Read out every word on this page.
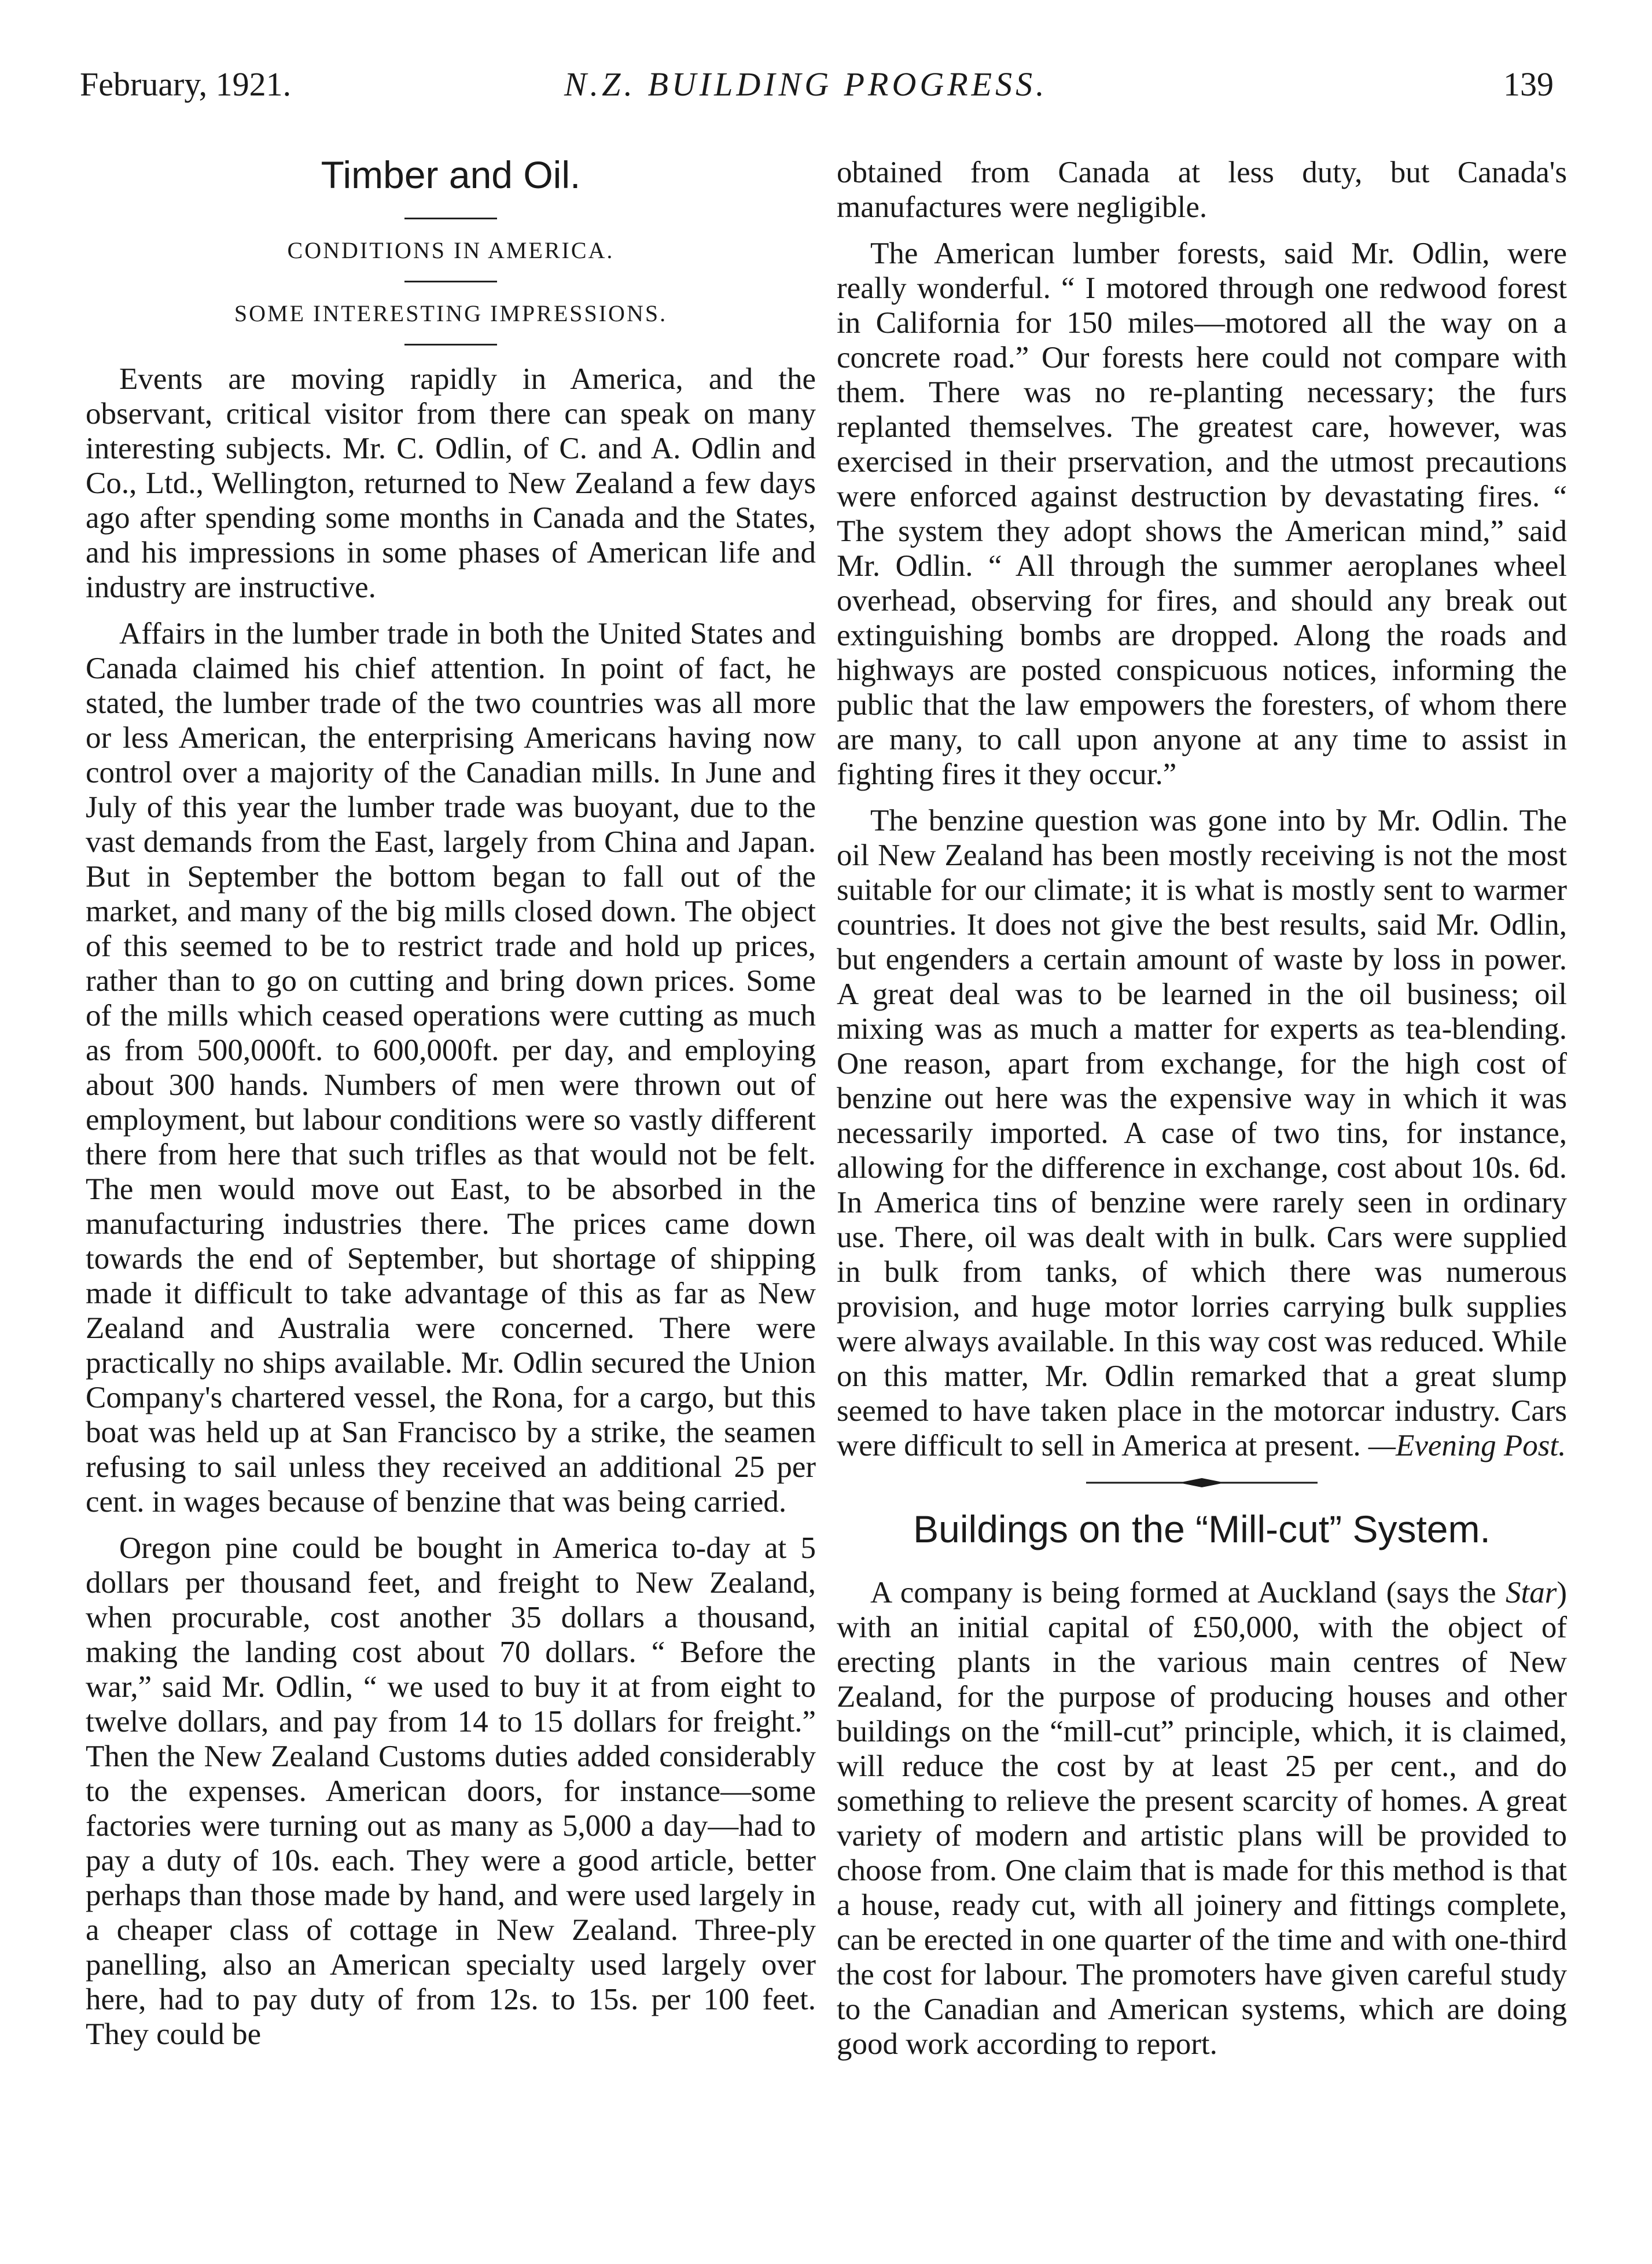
February, 1921.	N.Z. BUILDING PROGRESS.	139
Timber and Oil.
CONDITIONS IN AMERICA.
SOME INTERESTING IMPRESSIONS.

Events are moving rapidly in America, and the observant, critical visitor from there can speak on many interesting subjects. Mr. C. Odlin, of C. and A. Odlin and Co., Ltd., Wellington, returned to New Zealand a few days ago after spending some months in Canada and the States, and his impressions in some phases of American life and industry are instructive.

Affairs in the lumber trade in both the United States and Canada claimed his chief attention. In point of fact, he stated, the lumber trade of the two countries was all more or less American, the enterprising Americans having now control over a majority of the Canadian mills. In June and July of this year the lumber trade was buoyant, due to the vast demands from the East, largely from China and Japan. But in September the bottom began to fall out of the market, and many of the big mills closed down. The object of this seemed to be to restrict trade and hold up prices, rather than to go on cutting and bring down prices. Some of the mills which ceased operations were cutting as much as from 500,000ft. to 600,000ft. per day, and employing about 300 hands. Numbers of men were thrown out of employment, but labour conditions were so vastly different there from here that such trifles as that would not be felt. The men would move out East, to be absorbed in the manufacturing industries there. The prices came down towards the end of September, but shortage of shipping made it difficult to take advantage of this as far as New Zealand and Australia were concerned. There were practically no ships available. Mr. Odlin secured the Union Company's chartered vessel, the Rona, for a cargo, but this boat was held up at San Francisco by a strike, the seamen refusing to sail unless they received an additional 25 per cent. in wages because of benzine that was being carried.

Oregon pine could be bought in America to-day at 5 dollars per thousand feet, and freight to New Zealand, when procurable, cost another 35 dollars a thousand, making the landing cost about 70 dollars. “ Before the war,” said Mr. Odlin, “ we used to buy it at from eight to twelve dollars, and pay from 14 to 15 dollars for freight.” Then the New Zealand Customs duties added considerably to the expenses. American doors, for instance—some factories were turning out as many as 5,000 a day—had to pay a duty of 10s. each. They were a good article, better perhaps than those made by hand, and were used largely in a cheaper class of cottage in New Zealand. Three-ply panelling, also an American specialty used largely over here, had to pay duty of from 12s. to 15s. per 100 feet. They could be

obtained from Canada at less duty, but Canada's manufactures were negligible.

The American lumber forests, said Mr. Odlin, were really wonderful. “ I motored through one redwood forest in California for 150 miles—motored all the way on a concrete road.” Our forests here could not compare with them. There was no re-planting necessary; the furs replanted themselves. The greatest care, however, was exercised in their prservation, and the utmost precautions were enforced against destruction by devastating fires. “ The system they adopt shows the American mind,” said Mr. Odlin. “ All through the summer aeroplanes wheel overhead, observing for fires, and should any break out extinguishing bombs are dropped. Along the roads and highways are posted conspicuous notices, informing the public that the law empowers the foresters, of whom there are many, to call upon anyone at any time to assist in fighting fires it they occur.”

The benzine question was gone into by Mr. Odlin. The oil New Zealand has been mostly receiving is not the most suitable for our climate; it is what is mostly sent to warmer countries. It does not give the best results, said Mr. Odlin, but engenders a certain amount of waste by loss in power. A great deal was to be learned in the oil business; oil mixing was as much a matter for experts as tea-blending. One reason, apart from exchange, for the high cost of benzine out here was the expensive way in which it was necessarily imported. A case of two tins, for instance, allowing for the difference in exchange, cost about 10s. 6d. In America tins of benzine were rarely seen in ordinary use. There, oil was dealt with in bulk. Cars were supplied in bulk from tanks, of which there was numerous provision, and huge motor lorries carrying bulk supplies were always available. In this way cost was reduced. While on this matter, Mr. Odlin remarked that a great slump seemed to have taken place in the motorcar industry. Cars were difficult to sell in America at present. —Evening Post.

Buildings on the “Mill-cut” System.

A company is being formed at Auckland (says the Star) with an initial capital of £50,000, with the object of erecting plants in the various main centres of New Zealand, for the purpose of producing houses and other buildings on the “mill-cut” principle, which, it is claimed, will reduce the cost by at least 25 per cent., and do something to relieve the present scarcity of homes. A great variety of modern and artistic plans will be provided to choose from. One claim that is made for this method is that a house, ready cut, with all joinery and fittings complete, can be erected in one quarter of the time and with one-third the cost for labour. The promoters have given careful study to the Canadian and American systems, which are doing good work according to report.
